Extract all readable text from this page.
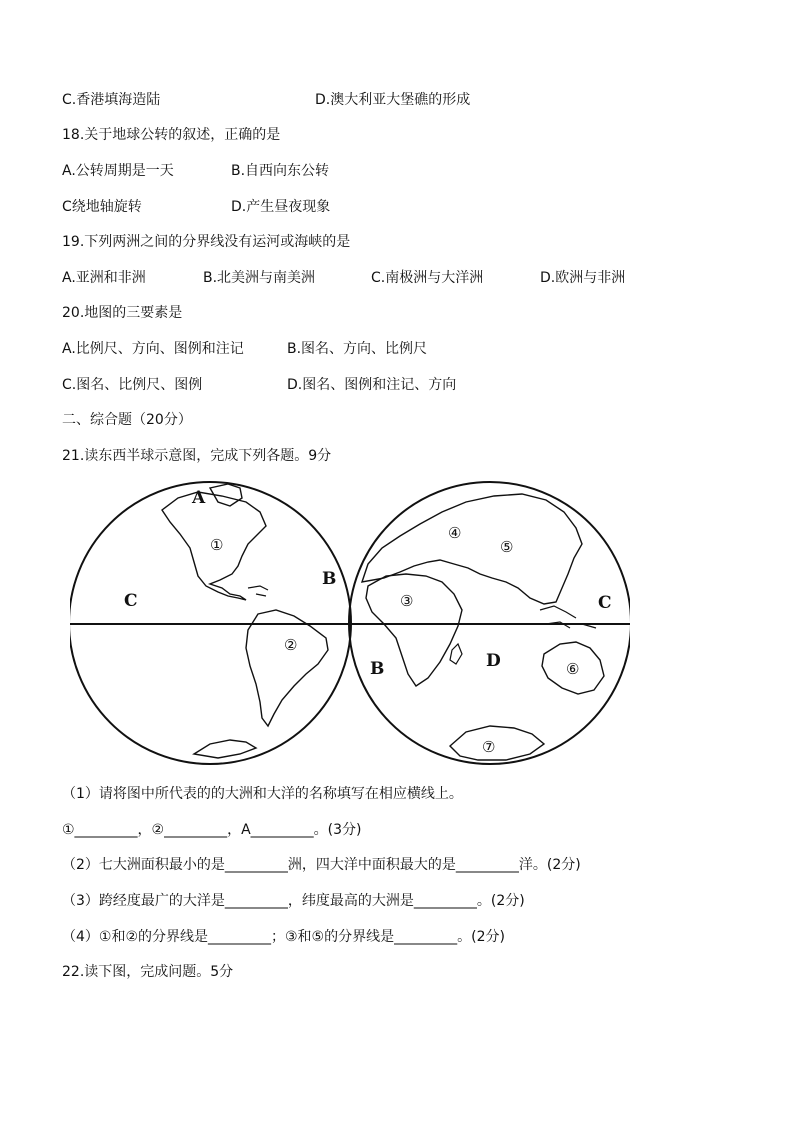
C.香港填海造陆	D.澳大利亚大堡礁的形成
18.关于地球公转的叙述，正确的是
A.公转周期是一天	B.自西向东公转
C绕地轴旋转	D.产生昼夜现象
19.下列两洲之间的分界线没有运河或海峡的是
A.亚洲和非洲	B.北美洲与南美洲	C.南极洲与大洋洲	D.欧洲与非洲
20.地图的三要素是
A.比例尺、方向、图例和注记	B.图名、方向、比例尺
C.图名、比例尺、图例	D.图名、图例和注记、方向
二、综合题（20分）
21.读东西半球示意图，完成下列各题。9分
A
B
C
B	D
C
①
②
③
④
⑤
⑥
⑦
（1）请将图中所代表的的大洲和大洋的名称填写在相应横线上。
①_________，②_________，A_________。(3分)
（2）七大洲面积最小的是_________洲，四大洋中面积最大的是_________洋。(2分)
（3）跨经度最广的大洋是_________，纬度最高的大洲是_________。(2分)
（4）①和②的分界线是_________；③和⑤的分界线是_________。(2分)
22.读下图，完成问题。5分
